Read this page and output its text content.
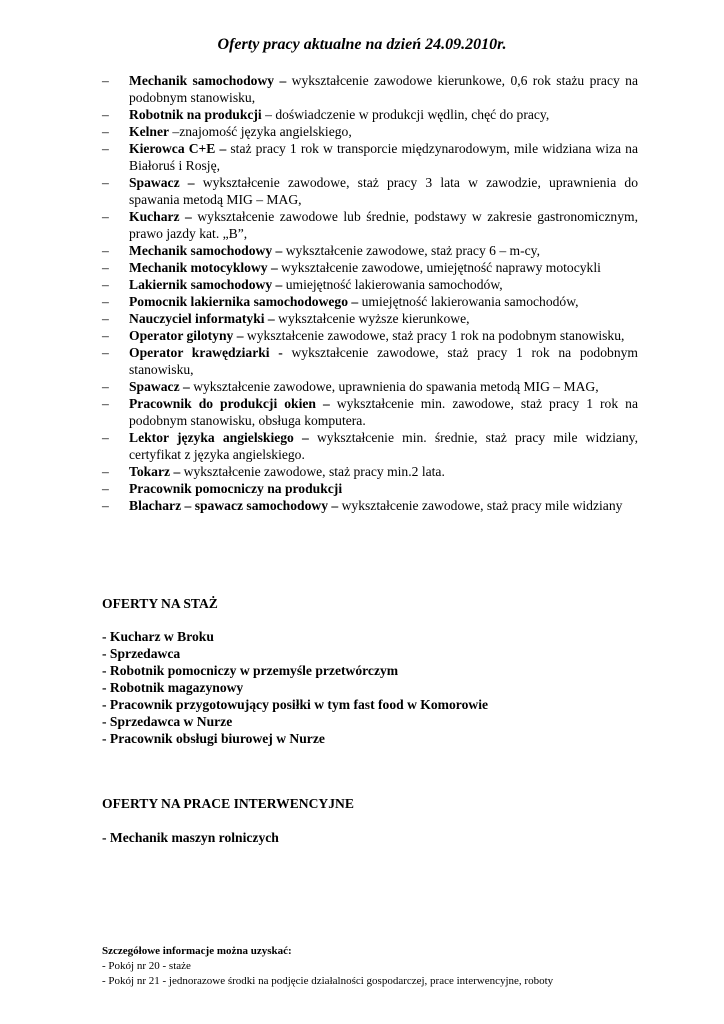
Oferty pracy aktualne na dzień 24.09.2010r.
– Mechanik samochodowy – wykształcenie zawodowe kierunkowe, 0,6 rok stażu pracy na podobnym stanowisku,
– Robotnik na produkcji – doświadczenie w produkcji wędlin, chęć do pracy,
– Kelner –znajomość języka angielskiego,
– Kierowca C+E – staż pracy 1 rok w transporcie międzynarodowym, mile widziana wiza na Białoruś i Rosję,
– Spawacz – wykształcenie zawodowe, staż pracy 3 lata w zawodzie, uprawnienia do spawania metodą MIG – MAG,
– Kucharz – wykształcenie zawodowe lub średnie, podstawy w zakresie gastronomicznym, prawo jazdy kat. „B”,
– Mechanik samochodowy – wykształcenie zawodowe, staż pracy 6 – m-cy,
– Mechanik motocyklowy – wykształcenie zawodowe, umiejętność naprawy motocykli
– Lakiernik samochodowy – umiejętność lakierowania samochodów,
– Pomocnik lakiernika samochodowego – umiejętność lakierowania samochodów,
– Nauczyciel informatyki – wykształcenie wyższe kierunkowe,
– Operator gilotyny – wykształcenie zawodowe, staż pracy 1 rok na podobnym stanowisku,
– Operator krawędziarki - wykształcenie zawodowe, staż pracy 1 rok na podobnym stanowisku,
– Spawacz – wykształcenie zawodowe, uprawnienia do spawania metodą MIG – MAG,
– Pracownik do produkcji okien – wykształcenie min. zawodowe, staż pracy 1 rok na podobnym stanowisku, obsługa komputera.
– Lektor języka angielskiego – wykształcenie min. średnie, staż pracy mile widziany, certyfikat z języka angielskiego.
– Tokarz – wykształcenie zawodowe, staż pracy min.2 lata.
– Pracownik pomocniczy na produkcji
– Blacharz – spawacz samochodowy – wykształcenie zawodowe, staż pracy mile widziany
OFERTY NA STAŻ
- Kucharz w Broku
- Sprzedawca
- Robotnik pomocniczy w przemyśle przetwórczym
- Robotnik magazynowy
- Pracownik przygotowujący posiłki w tym fast food w Komorowie
- Sprzedawca w Nurze
- Pracownik obsługi biurowej w Nurze
OFERTY NA PRACE INTERWENCYJNE
- Mechanik maszyn rolniczych
Szczegółowe informacje można uzyskać:
- Pokój nr 20 - staże
- Pokój nr 21 - jednorazowe środki na podjęcie działalności gospodarczej, prace interwencyjne, roboty
